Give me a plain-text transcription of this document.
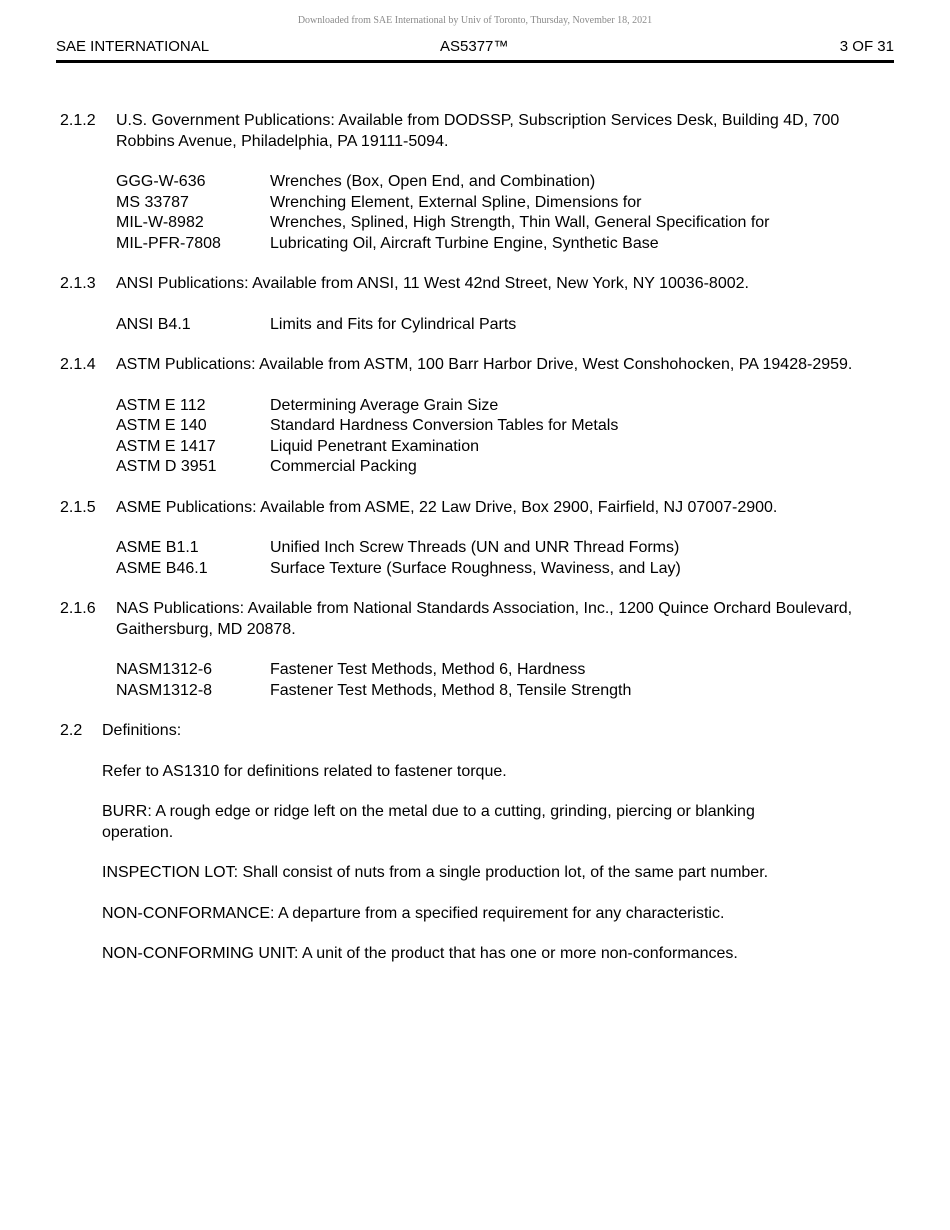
Downloaded from SAE International by Univ of Toronto, Thursday, November 18, 2021
SAE INTERNATIONAL	AS5377™	3 OF 31
2.1.2 U.S. Government Publications: Available from DODSSP, Subscription Services Desk, Building 4D, 700 Robbins Avenue, Philadelphia, PA 19111-5094.
GGG-W-636	Wrenches (Box, Open End, and Combination)
MS 33787	Wrenching Element, External Spline, Dimensions for
MIL-W-8982	Wrenches, Splined, High Strength, Thin Wall, General Specification for
MIL-PFR-7808	Lubricating Oil, Aircraft Turbine Engine, Synthetic Base
2.1.3 ANSI Publications: Available from ANSI, 11 West 42nd Street, New York, NY 10036-8002.
ANSI B4.1	Limits and Fits for Cylindrical Parts
2.1.4 ASTM Publications: Available from ASTM, 100 Barr Harbor Drive, West Conshohocken, PA 19428-2959.
ASTM E 112	Determining Average Grain Size
ASTM E 140	Standard Hardness Conversion Tables for Metals
ASTM E 1417	Liquid Penetrant Examination
ASTM D 3951	Commercial Packing
2.1.5 ASME Publications: Available from ASME, 22 Law Drive, Box 2900, Fairfield, NJ 07007-2900.
ASME B1.1	Unified Inch Screw Threads (UN and UNR Thread Forms)
ASME B46.1	Surface Texture (Surface Roughness, Waviness, and Lay)
2.1.6 NAS Publications: Available from National Standards Association, Inc., 1200 Quince Orchard Boulevard, Gaithersburg, MD 20878.
NASM1312-6	Fastener Test Methods, Method 6, Hardness
NASM1312-8	Fastener Test Methods, Method 8, Tensile Strength
2.2 Definitions:
Refer to AS1310 for definitions related to fastener torque.
BURR: A rough edge or ridge left on the metal due to a cutting, grinding, piercing or blanking operation.
INSPECTION LOT: Shall consist of nuts from a single production lot, of the same part number.
NON-CONFORMANCE: A departure from a specified requirement for any characteristic.
NON-CONFORMING UNIT: A unit of the product that has one or more non-conformances.
